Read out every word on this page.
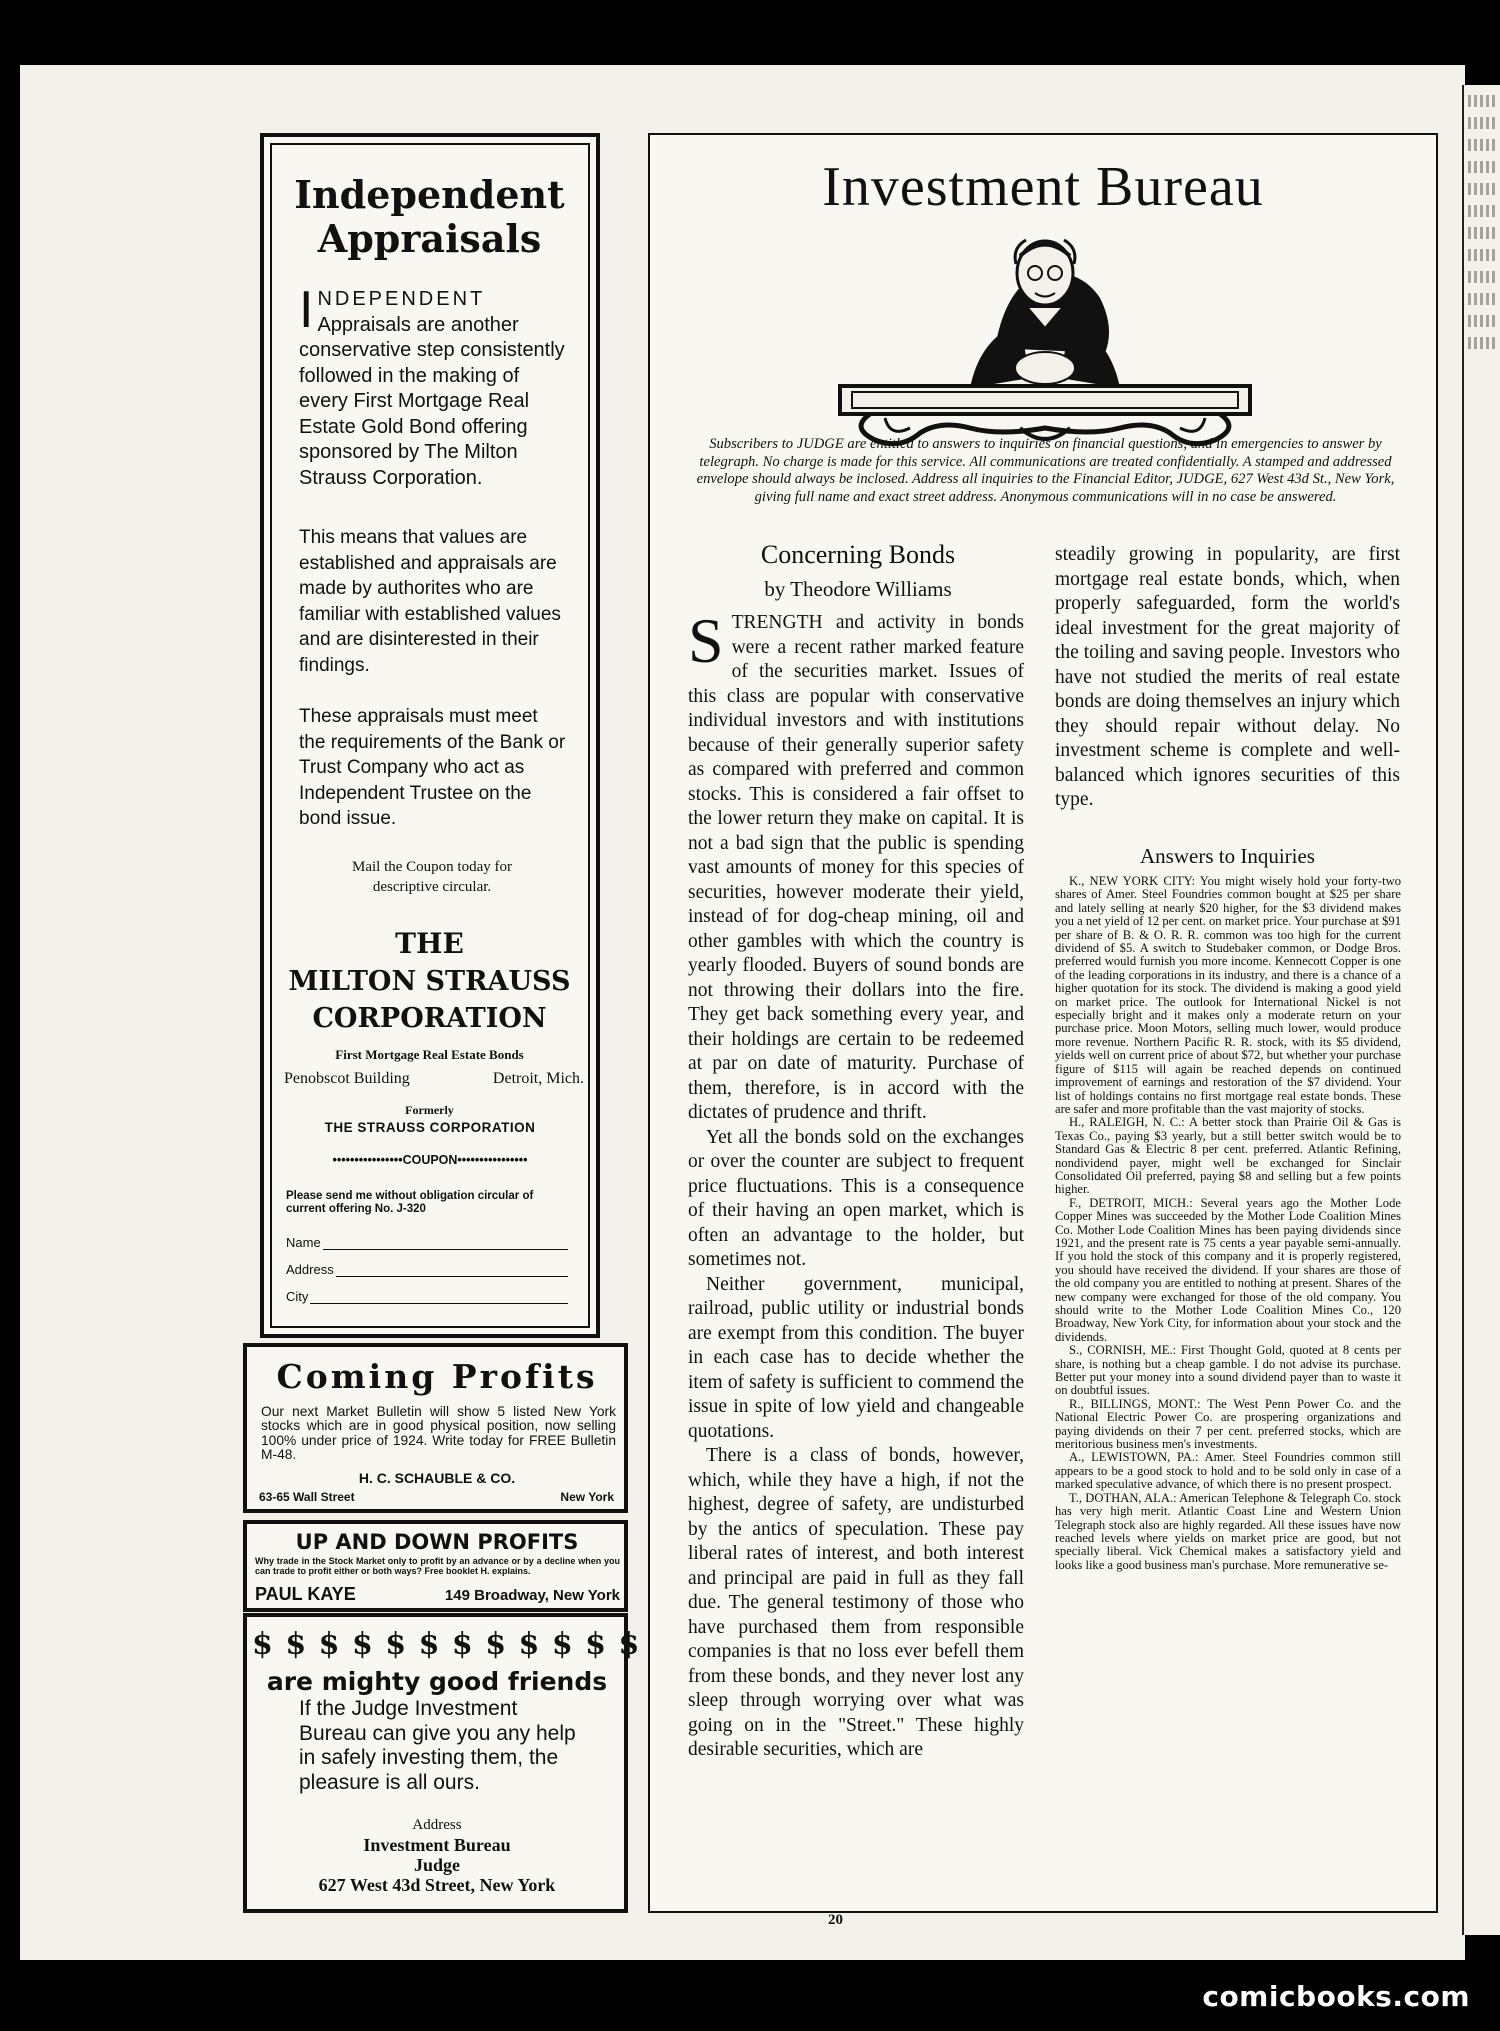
Independent Appraisals
INDEPENDENT Appraisals are another conservative step consistently followed in the making of every First Mortgage Real Estate Gold Bond offering sponsored by The Milton Strauss Corporation.
This means that values are established and appraisals are made by authorites who are familiar with established values and are disinterested in their findings.
These appraisals must meet the requirements of the Bank or Trust Company who act as Independent Trustee on the bond issue.
Mail the Coupon today for descriptive circular.
THE
MILTON STRAUSS
CORPORATION
First Mortgage Real Estate Bonds
Penobscot Building	Detroit, Mich.
Formerly
THE STRAUSS CORPORATION
••••••••••••••••COUPON••••••••••••••••
Please send me without obligation circular of current offering No. J-320
Name
Address
City
Coming Profits
Our next Market Bulletin will show 5 listed New York stocks which are in good physical position, now selling 100% under price of 1924. Write today for FREE Bulletin M-48.
H. C. SCHAUBLE & CO.
63-65 Wall Street	New York
UP AND DOWN PROFITS
Why trade in the Stock Market only to profit by an advance or by a decline when you can trade to profit either or both ways? Free booklet H. explains.
PAUL KAYE	149 Broadway, New York
$ $ $ $ $ $ $ $ $ $ $ $
are mighty good friends
If the Judge Investment Bureau can give you any help in safely investing them, the pleasure is all ours.
Address
Investment Bureau
Judge
627 West 43d Street, New York
Investment Bureau
Subscribers to JUDGE are entitled to answers to inquiries on financial questions, and in emergencies to answer by telegraph. No charge is made for this service. All communications are treated confidentially. A stamped and addressed envelope should always be inclosed. Address all inquiries to the Financial Editor, JUDGE, 627 West 43d St., New York, giving full name and exact street address. Anonymous communications will in no case be answered.
Concerning Bonds
by Theodore Williams

STRENGTH and activity in bonds were a recent rather marked feature of the securities market. Issues of this class are popular with conservative individual investors and with institutions because of their generally superior safety as compared with preferred and common stocks. This is considered a fair offset to the lower return they make on capital. It is not a bad sign that the public is spending vast amounts of money for this species of securities, however moderate their yield, instead of for dog-cheap mining, oil and other gambles with which the country is yearly flooded. Buyers of sound bonds are not throwing their dollars into the fire. They get back something every year, and their holdings are certain to be redeemed at par on date of maturity. Purchase of them, therefore, is in accord with the dictates of prudence and thrift.

Yet all the bonds sold on the exchanges or over the counter are subject to frequent price fluctuations. This is a consequence of their having an open market, which is often an advantage to the holder, but sometimes not.

Neither government, municipal, railroad, public utility or industrial bonds are exempt from this condition. The buyer in each case has to decide whether the item of safety is sufficient to commend the issue in spite of low yield and changeable quotations.

There is a class of bonds, however, which, while they have a high, if not the highest, degree of safety, are undisturbed by the antics of speculation. These pay liberal rates of interest, and both interest and principal are paid in full as they fall due. The general testimony of those who have purchased them from responsible companies is that no loss ever befell them from these bonds, and they never lost any sleep through worrying over what was going on in the "Street." These highly desirable securities, which are

steadily growing in popularity, are first mortgage real estate bonds, which, when properly safeguarded, form the world's ideal investment for the great majority of the toiling and saving people. Investors who have not studied the merits of real estate bonds are doing themselves an injury which they should repair without delay. No investment scheme is complete and well-balanced which ignores securities of this type.

Answers to Inquiries

K., NEW YORK CITY: You might wisely hold your forty-two shares of Amer. Steel Foundries common bought at $25 per share and lately selling at nearly $20 higher, for the $3 dividend makes you a net yield of 12 per cent. on market price. Your purchase at $91 per share of B. & O. R. R. common was too high for the current dividend of $5. A switch to Studebaker common, or Dodge Bros. preferred would furnish you more income. Kennecott Copper is one of the leading corporations in its industry, and there is a chance of a higher quotation for its stock. The dividend is making a good yield on market price. The outlook for International Nickel is not especially bright and it makes only a moderate return on your purchase price. Moon Motors, selling much lower, would produce more revenue. Northern Pacific R. R. stock, with its $5 dividend, yields well on current price of about $72, but whether your purchase figure of $115 will again be reached depends on continued improvement of earnings and restoration of the $7 dividend. Your list of holdings contains no first mortgage real estate bonds. These are safer and more profitable than the vast majority of stocks.

H., RALEIGH, N. C.: A better stock than Prairie Oil & Gas is Texas Co., paying $3 yearly, but a still better switch would be to Standard Gas & Electric 8 per cent. preferred. Atlantic Refining, nondividend payer, might well be exchanged for Sinclair Consolidated Oil preferred, paying $8 and selling but a few points higher.

F., DETROIT, MICH.: Several years ago the Mother Lode Copper Mines was succeeded by the Mother Lode Coalition Mines Co. Mother Lode Coalition Mines has been paying dividends since 1921, and the present rate is 75 cents a year payable semi-annually. If you hold the stock of this company and it is properly registered, you should have received the dividend. If your shares are those of the old company you are entitled to nothing at present. Shares of the new company were exchanged for those of the old company. You should write to the Mother Lode Coalition Mines Co., 120 Broadway, New York City, for information about your stock and the dividends.

S., CORNISH, ME.: First Thought Gold, quoted at 8 cents per share, is nothing but a cheap gamble. I do not advise its purchase. Better put your money into a sound dividend payer than to waste it on doubtful issues.

R., BILLINGS, MONT.: The West Penn Power Co. and the National Electric Power Co. are prospering organizations and paying dividends on their 7 per cent. preferred stocks, which are meritorious business men's investments.

A., LEWISTOWN, PA.: Amer. Steel Foundries common still appears to be a good stock to hold and to be sold only in case of a marked speculative advance, of which there is no present prospect.

T., DOTHAN, ALA.: American Telephone & Telegraph Co. stock has very high merit. Atlantic Coast Line and Western Union Telegraph stock also are highly regarded. All these issues have now reached levels where yields on market price are good, but not specially liberal. Vick Chemical makes a satisfactory yield and looks like a good business man's purchase. More remunerative se-

20
comicbooks.com
